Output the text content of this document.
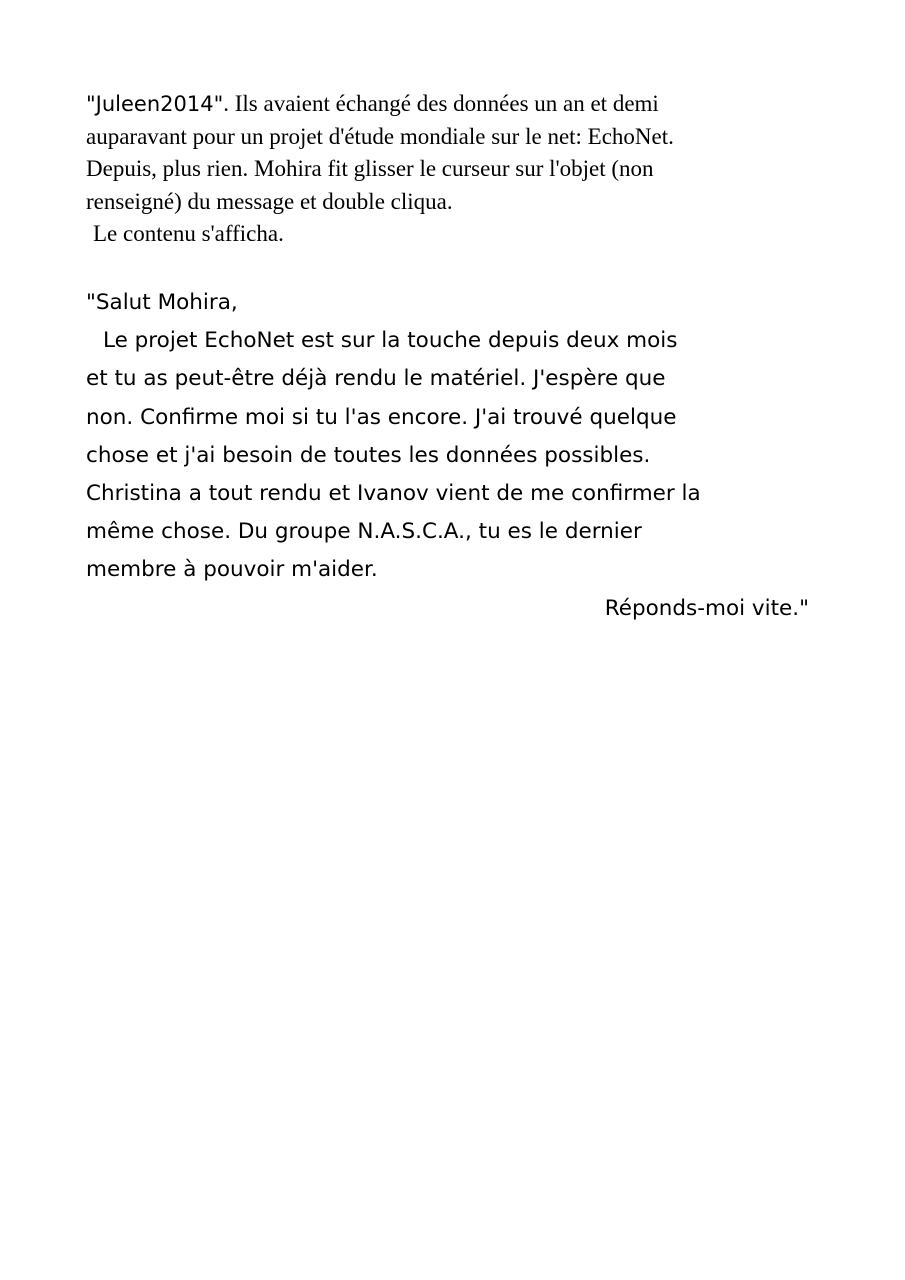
"Juleen2014". Ils avaient échangé des données un an et demi

auparavant pour un projet d'étude mondiale sur le net: EchoNet.

Depuis, plus rien. Mohira fit glisser le curseur sur l'objet (non

renseigné) du message et double cliqua.

Le contenu s'afficha.

"Salut Mohira,

Le projet EchoNet est sur la touche depuis deux mois

et tu as peut-être déjà rendu le matériel. J'espère que

non. Confirme moi si tu l'as encore. J'ai trouvé quelque

chose et j'ai besoin de toutes les données possibles.

Christina a tout rendu et Ivanov vient de me confirmer la

même chose. Du groupe N.A.S.C.A., tu es le dernier

membre à pouvoir m'aider.

Réponds-moi vite."
